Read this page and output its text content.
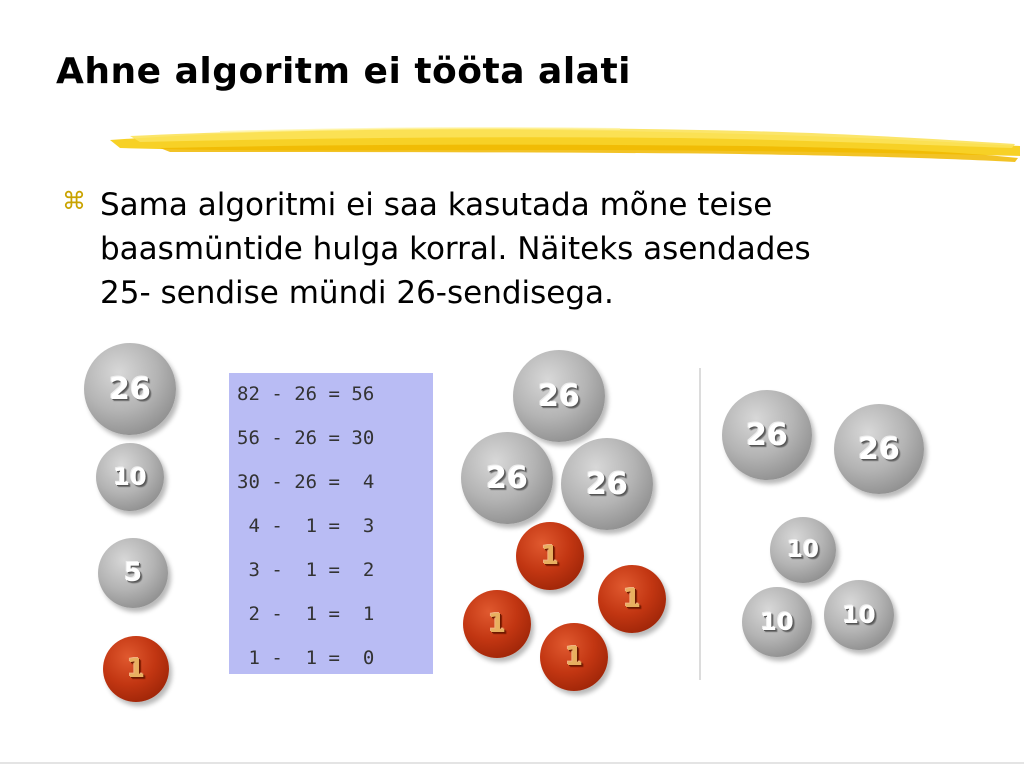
Ahne algoritm ei tööta alati
⌘ Sama algoritmi ei saa kasutada mõne teise
baasmüntide hulga korral. Näiteks asendades
25- sendise mündi 26-sendisega.
26
10
5
1
82 - 26 = 56
56 - 26 = 30
30 - 26 =  4
4 -  1 =  3
3 -  1 =  2
2 -  1 =  1
1 -  1 =  0
26
26	26
1
1
1
1
26	26
10
10	10
